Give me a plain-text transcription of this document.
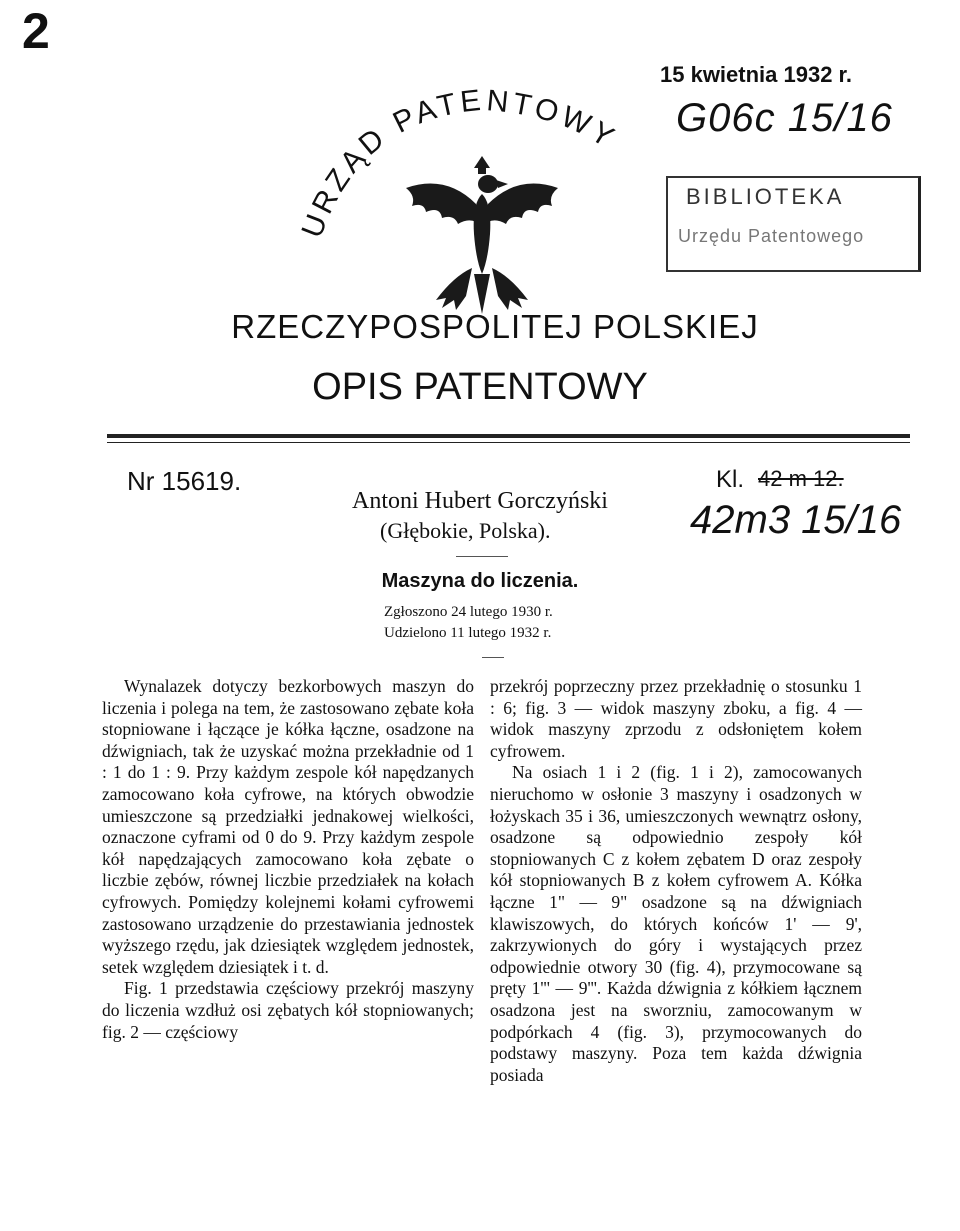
2
15 kwietnia 1932 r.
G06c 15/16
BIBLIOTEKA
Urzędu Patentowego
URZĄD PATENTOWY
RZECZYPOSPOLITEJ POLSKIEJ
OPIS PATENTOWY
Nr 15619.	Kl. 42 m 12.
42m3 15/16
Antoni Hubert Gorczyński
(Głębokie, Polska).
Maszyna do liczenia.
Zgłoszono 24 lutego 1930 r.
Udzielono 11 lutego 1932 r.

Wynalazek dotyczy bezkorbowych maszyn do liczenia i polega na tem, że zastosowano zębate koła stopniowane i łączące je kółka łączne, osadzone na dźwigniach, tak że uzyskać można przekładnie od 1 : 1 do 1 : 9. Przy każdym zespole kół napędzanych zamocowano koła cyfrowe, na których obwodzie umieszczone są przedziałki jednakowej wielkości, oznaczone cyframi od 0 do 9. Przy każdym zespole kół napędzających zamocowano koła zębate o liczbie zębów, równej liczbie przedziałek na kołach cyfrowych. Pomiędzy kolejnemi kołami cyfrowemi zastosowano urządzenie do przestawiania jednostek wyższego rzędu, jak dziesiątek względem jednostek, setek względem dziesiątek i t. d.

Fig. 1 przedstawia częściowy przekrój maszyny do liczenia wzdłuż osi zębatych kół stopniowanych; fig. 2 — częściowy

przekrój poprzeczny przez przekładnię o stosunku 1 : 6; fig. 3 — widok maszyny zboku, a fig. 4 — widok maszyny zprzodu z odsłoniętem kołem cyfrowem.

Na osiach 1 i 2 (fig. 1 i 2), zamocowanych nieruchomo w osłonie 3 maszyny i osadzonych w łożyskach 35 i 36, umieszczonych wewnątrz osłony, osadzone są odpowiednio zespoły kół stopniowanych C z kołem zębatem D oraz zespoły kół stopniowanych B z kołem cyfrowem A. Kółka łączne 1" — 9" osadzone są na dźwigniach klawiszowych, do których końców 1' — 9', zakrzywionych do góry i wystających przez odpowiednie otwory 30 (fig. 4), przymocowane są pręty 1''' — 9'''. Każda dźwignia z kółkiem łącznem osadzona jest na sworzniu, zamocowanym w podpórkach 4 (fig. 3), przymocowanych do podstawy maszyny. Poza tem każda dźwignia posiada
